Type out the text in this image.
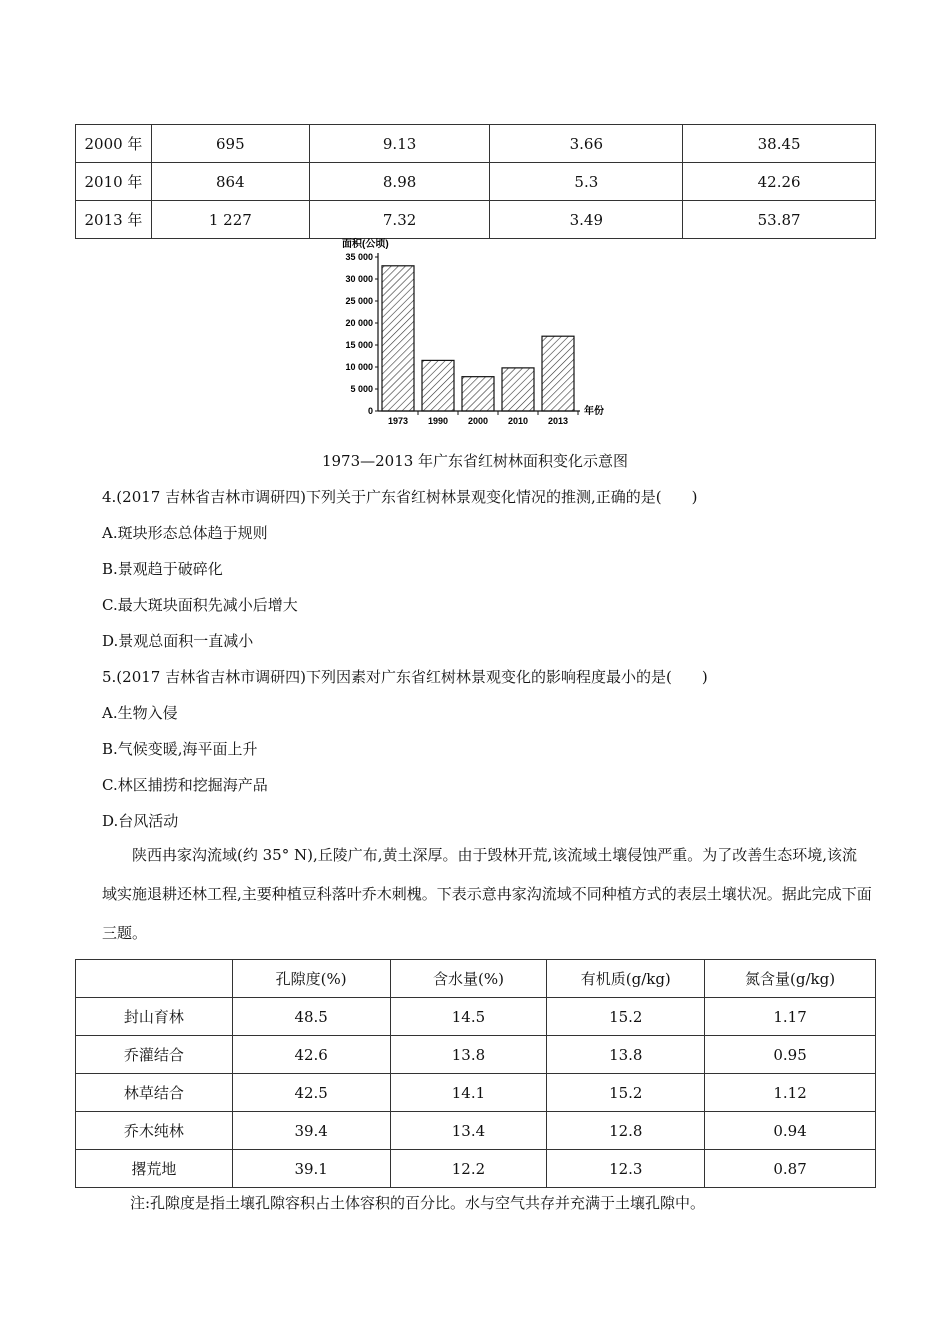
2000 年	695	9.13	3.66	38.45
2010 年	864	8.98	5.3	42.26
2013 年	1 227	7.32	3.49	53.87
面积(公顷)
0
5 000
10 000
15 000
20 000
25 000
30 000
35 000
1973 1990 2000 2010 2013
年份
1973—2013 年广东省红树林面积变化示意图
4.(2017 吉林省吉林市调研四)下列关于广东省红树林景观变化情况的推测,正确的是(　　)
A.斑块形态总体趋于规则
B.景观趋于破碎化
C.最大斑块面积先减小后增大
D.景观总面积一直减小
5.(2017 吉林省吉林市调研四)下列因素对广东省红树林景观变化的影响程度最小的是(　　)
A.生物入侵
B.气候变暖,海平面上升
C.林区捕捞和挖掘海产品
D.台风活动
陕西冉家沟流域(约 35° N),丘陵广布,黄土深厚。由于毁林开荒,该流域土壤侵蚀严重。为了改善生态环境,该流域实施退耕还林工程,主要种植豆科落叶乔木刺槐。下表示意冉家沟流域不同种植方式的表层土壤状况。据此完成下面三题。
	孔隙度(%)	含水量(%)	有机质(g/kg)	氮含量(g/kg)
封山育林	48.5	14.5	15.2	1.17
乔灌结合	42.6	13.8	13.8	0.95
林草结合	42.5	14.1	15.2	1.12
乔木纯林	39.4	13.4	12.8	0.94
撂荒地	39.1	12.2	12.3	0.87
注:孔隙度是指土壤孔隙容积占土体容积的百分比。水与空气共存并充满于土壤孔隙中。
